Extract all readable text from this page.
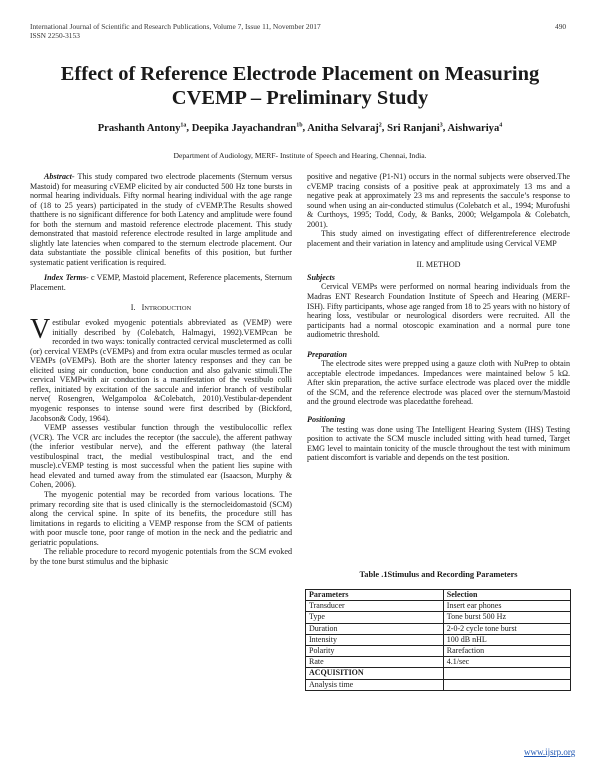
International Journal of Scientific and Research Publications, Volume 7, Issue 11, November 2017
ISSN 2250-3153
490
Effect of Reference Electrode Placement on Measuring
CVEMP – Preliminary Study
Prashanth Antony$^{1a}$, Deepika Jayachandran$^{1b}$, Anitha Selvaraj$^2$, Sri Ranjani$^3$, Aishwariya$^4$
Department of Audiology, MERF- Institute of Speech and Hearing, Chennai, India.

Abstract- This study compared two electrode placements (Sternum versus Mastoid) for measuring cVEMP elicited by air conducted 500 Hz tone bursts in normal hearing individuals. Fifty normal hearing individual with the age range of (18 to 25 years) participated in the study of cVEMP.The Results showed thatthere is no significant difference for both Latency and amplitude were found for both the sternum and mastoid reference electrode placement. This study demonstrated that mastoid reference electrode resulted in large amplitude and slightly late latencies when compared to the sternum electrode placement. Our data substantiate the possible clinical benefits of this position, but further systematic patient verification is required.

Index Terms- c VEMP, Mastoid placement, Reference placements, Sternum Placement.

I. INTRODUCTION

Vestibular evoked myogenic potentials abbreviated as (VEMP) were initially described by (Colebatch, Halmagyi, 1992).VEMPcan be recorded in two ways: tonically contracted cervical muscletermed as colli (or) cervical VEMPs (cVEMPs) and from extra ocular muscles termed as ocular VEMPs (oVEMPs). Both are the shorter latency responses and they can be elicited using air conduction, bone conduction and also galvanic stimuli.The cervical VEMPwith air conduction is a manifestation of the vestibulo colli reflex, initiated by excitation of the saccule and inferior branch of vestibular nerve( Rosengren, Welgampoloa &Colebatch, 2010).Vestibular-dependent myogenic responses to intense sound were first described by (Bickford, Jacobson& Cody, 1964).

VEMP assesses vestibular function through the vestibulocollic reflex (VCR). The VCR arc includes the receptor (the saccule), the afferent pathway (the inferior vestibular nerve), and the efferent pathway (the lateral vestibulospinal tract, the medial vestibulospinal tract, and the end muscle).cVEMP testing is most successful when the patient lies supine with head elevated and turned away from the stimulated ear (Isaacson, Murphy & Cohen, 2006).

The myogenic potential may be recorded from various locations. The primary recording site that is used clinically is the sternocleidomastoid (SCM) along the cervical spine. In spite of its benefits, the procedure still has limitations in regards to eliciting a VEMP response from the SCM of patients with poor muscle tone, poor range of motion in the neck and the pediatric and geriatric populations.

The reliable procedure to record myogenic potentials from the SCM evoked by the tone burst stimulus and the biphasic

positive and negative (P1-N1) occurs in the normal subjects were observed.The cVEMP tracing consists of a positive peak at approximately 13 ms and a negative peak at approximately 23 ms and represents the saccule’s response to sound when using an air-conducted stimulus (Colebatch et al., 1994; Murofushi & Curthoys, 1995; Todd, Cody, & Banks, 2000; Welgampola & Colebatch, 2001).

This study aimed on investigating effect of differentreference electrode placement and their variation in latency and amplitude using Cervical VEMP

II. METHOD

Subjects

Cervical VEMPs were performed on normal hearing individuals from the Madras ENT Research Foundation Institute of Speech and Hearing (MERF-ISH). Fifty participants, whose age ranged from 18 to 25 years with no history of hearing loss, vestibular or neurological disorders were recruited. All the participants had a normal otoscopic examination and a normal pure tone audiometric threshold.

Preparation

The electrode sites were prepped using a gauze cloth with NuPrep to obtain acceptable electrode impedances. Impedances were maintained below 5 kΩ. After skin preparation, the active surface electrode was placed over the middle of the SCM, and the reference electrode was placed over the sternum/Mastoid and the ground electrode was placedatthe forehead.

Positioning

The testing was done using The Intelligent Hearing System (IHS) Testing position to activate the SCM muscle included sitting with head turned, Target EMG level to maintain tonicity of the muscle throughout the test with minimum patient discomfort is variable and depends on the test position.

Table .1Stimulus and Recording Parameters
Parameters	Selection
Transducer	Insert ear phones
Type	Tone burst 500 Hz
Duration	2-0-2 cycle tone burst
Intensity	100 dB nHL
Polarity	Rarefaction
Rate	4.1/sec
ACQUISITION	
Analysis time	
www.ijsrp.org
